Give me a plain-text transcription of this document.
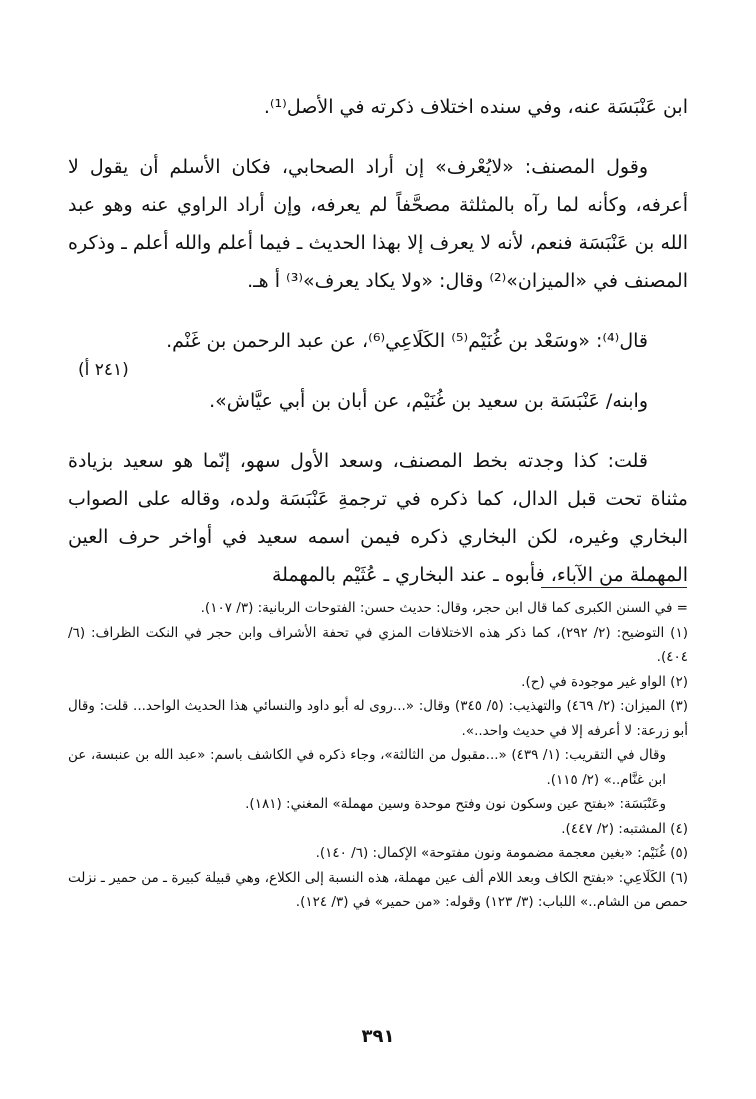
ابن عَنْبَسَة عنه، وفي سنده اختلاف ذكرته في الأصل⁽¹⁾.

وقول المصنف: «لايُعْرف» إن أراد الصحابي، فكان الأسلم أن يقول لا أعرفه، وكأنه لما رآه بالمثلثة مصحَّفاً لم يعرفه، وإن أراد الراوي عنه وهو عبد الله بن عَنْبَسَة فنعم، لأنه لا يعرف إلا بهذا الحديث ـ فيما أعلم والله أعلم ـ وذكره المصنف في «الميزان»⁽²⁾ وقال: «ولا يكاد يعرف»⁽³⁾ أ هـ.

قال⁽⁴⁾: «وسَعْد بن غُنَيْم⁽⁵⁾ الكَلَاعِي⁽⁶⁾، عن عبد الرحمن بن غَنْم.

وابنه/ عَنْبَسَة بن سعيد بن غُنَيْم، عن أبان بن أبي عيَّاش».

قلت: كذا وجدته بخط المصنف، وسعد الأول سهو، إنّما هو سعيد بزيادة مثناة تحت قبل الدال، كما ذكره في ترجمةِ عَنْبَسَة ولده، وقاله على الصواب البخاري وغيره، لكن البخاري ذكره فيمن اسمه سعيد في أواخر حرف العين المهملة من الآباء، فأبوه ـ عند البخاري ـ عُثَيْم بالمهملة

(٢٤١ أ)

= في السنن الكبرى كما قال ابن حجر، وقال: حديث حسن: الفتوحات الربانية: (٣/ ١٠٧).

(١) التوضيح: (٢/ ٢٩٢)، كما ذكر هذه الاختلافات المزي في تحفة الأشراف وابن حجر في النكت الظراف: (٦/ ٤٠٤).

(٢) الواو غير موجودة في (ح).

(٣) الميزان: (٢/ ٤٦٩) والتهذيب: (٥/ ٣٤٥) وقال: «...روى له أبو داود والنسائي هذا الحديث الواحد... قلت: وقال أبو زرعة: لا أعرفه إلا في حديث واحد..».

وقال في التقريب: (١/ ٤٣٩) «...مقبول من الثالثة»، وجاء ذكره في الكاشف باسم: «عبد الله بن عنبسة، عن ابن غنَّام..» (٢/ ١١٥).

وعَنْبَسَة: «بفتح عين وسكون نون وفتح موحدة وسين مهملة» المغني: (١٨١).

(٤) المشتبه: (٢/ ٤٤٧).

(٥) غُنَيْم: «بغين معجمة مضمومة ونون مفتوحة» الإكمال: (٦/ ١٤٠).

(٦) الكَلَاعِي: «بفتح الكاف وبعد اللام ألف عين مهملة، هذه النسبة إلى الكلاع، وهي قبيلة كبيرة ـ من حمير ـ نزلت حمص من الشام..» اللباب: (٣/ ١٢٣) وقوله: «من حمير» في (٣/ ١٢٤).

٣٩١
